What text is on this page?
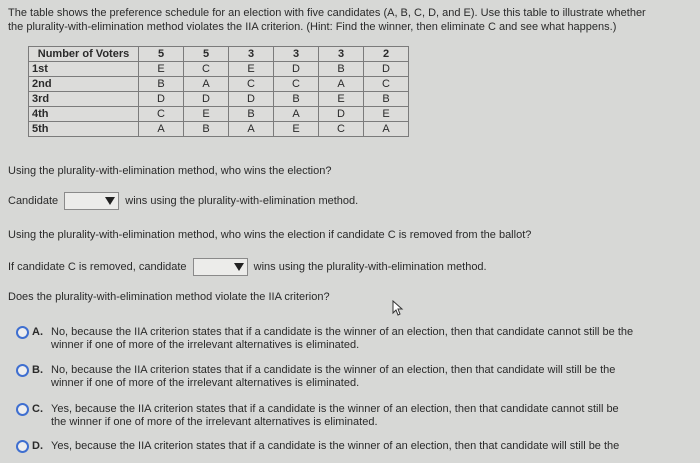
The table shows the preference schedule for an election with five candidates (A, B, C, D, and E). Use this table to illustrate whether
the plurality-with-elimination method violates the IIA criterion. (Hint: Find the winner, then eliminate C and see what happens.)
Number of Voters	5	5	3	3	3	2
1st	E	C	E	D	B	D
2nd	B	A	C	C	A	C
3rd	D	D	D	B	E	B
4th	C	E	B	A	D	E
5th	A	B	A	E	C	A
Using the plurality-with-elimination method, who wins the election?
Candidate	wins using the plurality-with-elimination method.
Using the plurality-with-elimination method, who wins the election if candidate C is removed from the ballot?
If candidate C is removed, candidate	wins using the plurality-with-elimination method.
Does the plurality-with-elimination method violate the IIA criterion?
A. No, because the IIA criterion states that if a candidate is the winner of an election, then that candidate cannot still be the
winner if one of more of the irrelevant alternatives is eliminated.
B. No, because the IIA criterion states that if a candidate is the winner of an election, then that candidate will still be the
winner if one of more of the irrelevant alternatives is eliminated.
C. Yes, because the IIA criterion states that if a candidate is the winner of an election, then that candidate cannot still be
the winner if one of more of the irrelevant alternatives is eliminated.
D. Yes, because the IIA criterion states that if a candidate is the winner of an election, then that candidate will still be the
